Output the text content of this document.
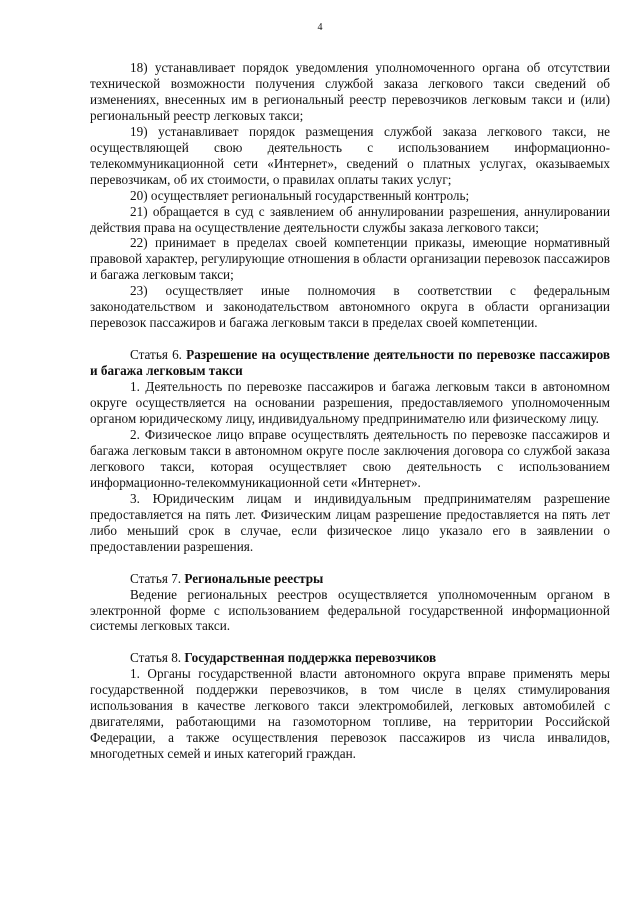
4

18) устанавливает порядок уведомления уполномоченного органа об отсутствии технической возможности получения службой заказа легкового такси сведений об изменениях, внесенных им в региональный реестр перевозчиков легковым такси и (или) региональный реестр легковых такси;

19) устанавливает порядок размещения службой заказа легкового такси, не осуществляющей свою деятельность с использованием информационно-телекоммуникационной сети «Интернет», сведений о платных услугах, оказываемых перевозчикам, об их стоимости, о правилах оплаты таких услуг;

20) осуществляет региональный государственный контроль;

21) обращается в суд с заявлением об аннулировании разрешения, аннулировании действия права на осуществление деятельности службы заказа легкового такси;

22) принимает в пределах своей компетенции приказы, имеющие нормативный правовой характер, регулирующие отношения в области организации перевозок пассажиров и багажа легковым такси;

23) осуществляет иные полномочия в соответствии с федеральным законодательством и законодательством автономного округа в области организации перевозок пассажиров и багажа легковым такси в пределах своей компетенции.

Статья 6. Разрешение на осуществление деятельности по перевозке пассажиров и багажа легковым такси

1. Деятельность по перевозке пассажиров и багажа легковым такси в автономном округе осуществляется на основании разрешения, предоставляемого уполномоченным органом юридическому лицу, индивидуальному предпринимателю или физическому лицу.

2. Физическое лицо вправе осуществлять деятельность по перевозке пассажиров и багажа легковым такси в автономном округе после заключения договора со службой заказа легкового такси, которая осуществляет свою деятельность с использованием информационно-телекоммуникационной сети «Интернет».

3. Юридическим лицам и индивидуальным предпринимателям разрешение предоставляется на пять лет. Физическим лицам разрешение предоставляется на пять лет либо меньший срок в случае, если физическое лицо указало его в заявлении о предоставлении разрешения.

Статья 7. Региональные реестры

Ведение региональных реестров осуществляется уполномоченным органом в электронной форме с использованием федеральной государственной информационной системы легковых такси.

Статья 8. Государственная поддержка перевозчиков

1. Органы государственной власти автономного округа вправе применять меры государственной поддержки перевозчиков, в том числе в целях стимулирования использования в качестве легкового такси электромобилей, легковых автомобилей с двигателями, работающими на газомоторном топливе, на территории Российской Федерации, а также осуществления перевозок пассажиров из числа инвалидов, многодетных семей и иных категорий граждан.
